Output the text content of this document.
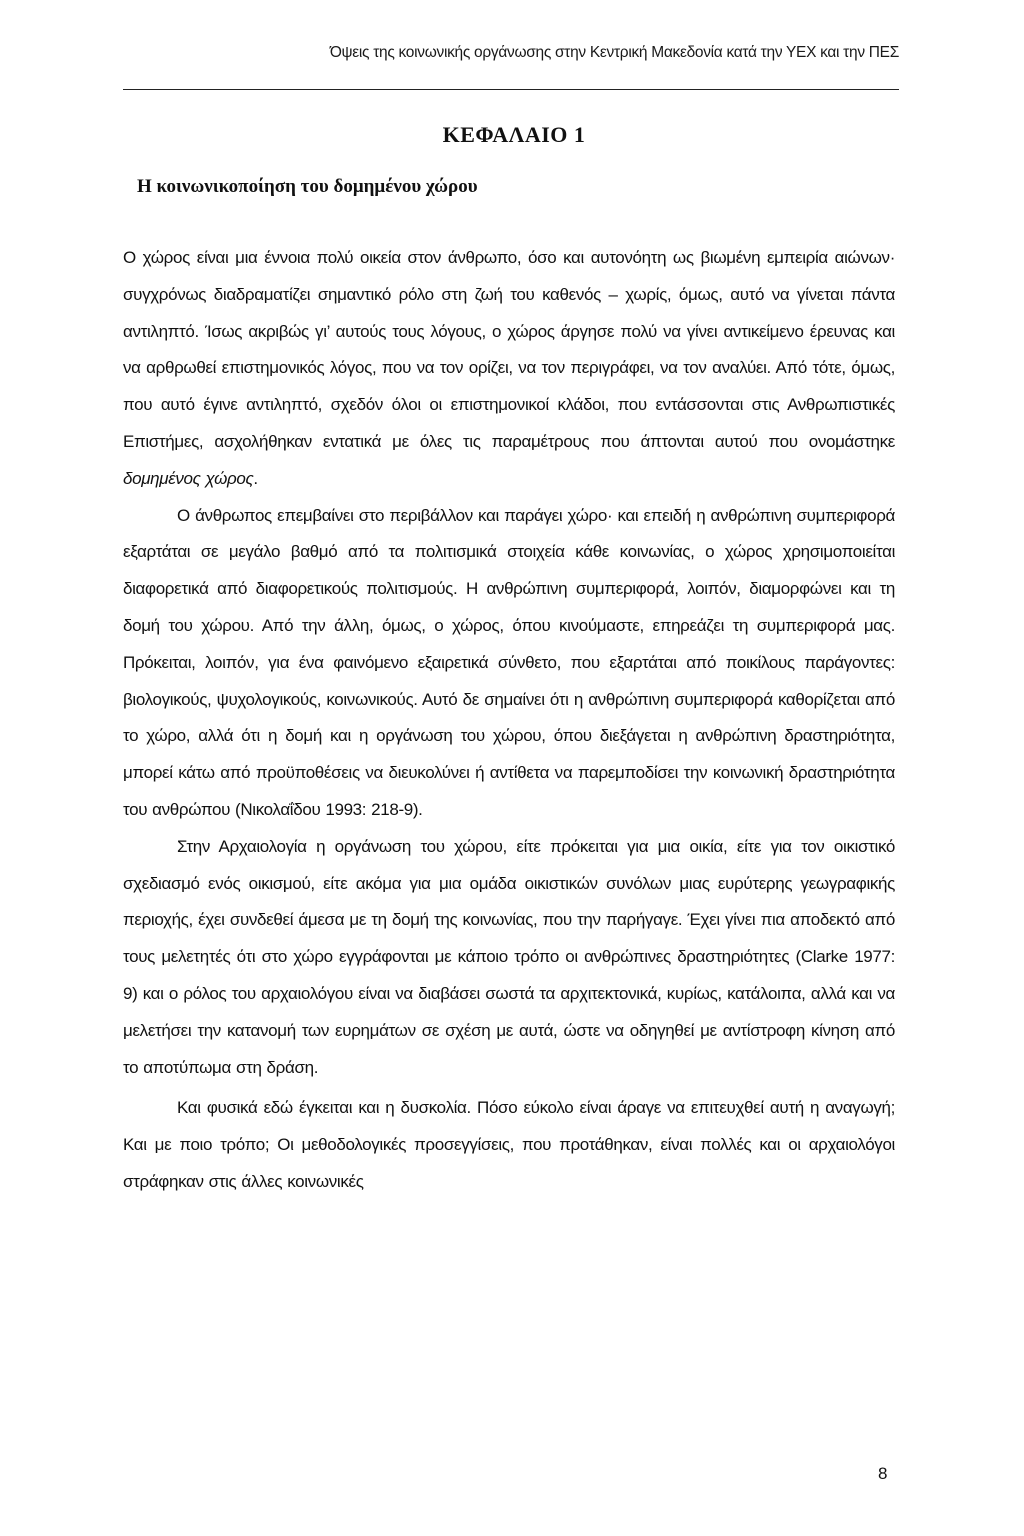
Όψεις της κοινωνικής οργάνωσης στην Κεντρική Μακεδονία κατά την ΥΕΧ και την ΠΕΣ
ΚΕΦΑΛΑΙΟ 1
Η κοινωνικοποίηση του δομημένου χώρου

Ο χώρος είναι μια έννοια πολύ οικεία στον άνθρωπο, όσο και αυτονόητη ως βιωμένη εμπειρία αιώνων· συγχρόνως διαδραματίζει σημαντικό ρόλο στη ζωή του καθενός – χωρίς, όμως, αυτό να γίνεται πάντα αντιληπτό. Ίσως ακριβώς γι’ αυτούς τους λόγους, ο χώρος άργησε πολύ να γίνει αντικείμενο έρευνας και να αρθρωθεί επιστημονικός λόγος, που να τον ορίζει, να τον περιγράφει, να τον αναλύει. Από τότε, όμως, που αυτό έγινε αντιληπτό, σχεδόν όλοι οι επιστημονικοί κλάδοι, που εντάσσονται στις Ανθρωπιστικές Επιστήμες, ασχολήθηκαν εντατικά με όλες τις παραμέτρους που άπτονται αυτού που ονομάστηκε δομημένος χώρος.

Ο άνθρωπος επεμβαίνει στο περιβάλλον και παράγει χώρο· και επειδή η ανθρώπινη συμπεριφορά εξαρτάται σε μεγάλο βαθμό από τα πολιτισμικά στοιχεία κάθε κοινωνίας, ο χώρος χρησιμοποιείται διαφορετικά από διαφορετικούς πολιτισμούς. Η ανθρώπινη συμπεριφορά, λοιπόν, διαμορφώνει και τη δομή του χώρου. Από την άλλη, όμως, ο χώρος, όπου κινούμαστε, επηρεάζει τη συμπεριφορά μας. Πρόκειται, λοιπόν, για ένα φαινόμενο εξαιρετικά σύνθετο, που εξαρτάται από ποικίλους παράγοντες: βιολογικούς, ψυχολογικούς, κοινωνικούς. Αυτό δε σημαίνει ότι η ανθρώπινη συμπεριφορά καθορίζεται από το χώρο, αλλά ότι η δομή και η οργάνωση του χώρου, όπου διεξάγεται η ανθρώπινη δραστηριότητα, μπορεί κάτω από προϋποθέσεις να διευκολύνει ή αντίθετα να παρεμποδίσει την κοινωνική δραστηριότητα του ανθρώπου (Νικολαΐδου 1993: 218-9).

Στην Αρχαιολογία η οργάνωση του χώρου, είτε πρόκειται για μια οικία, είτε για τον οικιστικό σχεδιασμό ενός οικισμού, είτε ακόμα για μια ομάδα οικιστικών συνόλων μιας ευρύτερης γεωγραφικής περιοχής, έχει συνδεθεί άμεσα με τη δομή της κοινωνίας, που την παρήγαγε. Έχει γίνει πια αποδεκτό από τους μελετητές ότι στο χώρο εγγράφονται με κάποιο τρόπο οι ανθρώπινες δραστηριότητες (Clarke 1977: 9) και ο ρόλος του αρχαιολόγου είναι να διαβάσει σωστά τα αρχιτεκτονικά, κυρίως, κατάλοιπα, αλλά και να μελετήσει την κατανομή των ευρημάτων σε σχέση με αυτά, ώστε να οδηγηθεί με αντίστροφη κίνηση από το αποτύπωμα στη δράση.

Και φυσικά εδώ έγκειται και η δυσκολία. Πόσο εύκολο είναι άραγε να επιτευχθεί αυτή η αναγωγή; Και με ποιο τρόπο; Οι μεθοδολογικές προσεγγίσεις, που προτάθηκαν, είναι πολλές και οι αρχαιολόγοι στράφηκαν στις άλλες κοινωνικές

8
